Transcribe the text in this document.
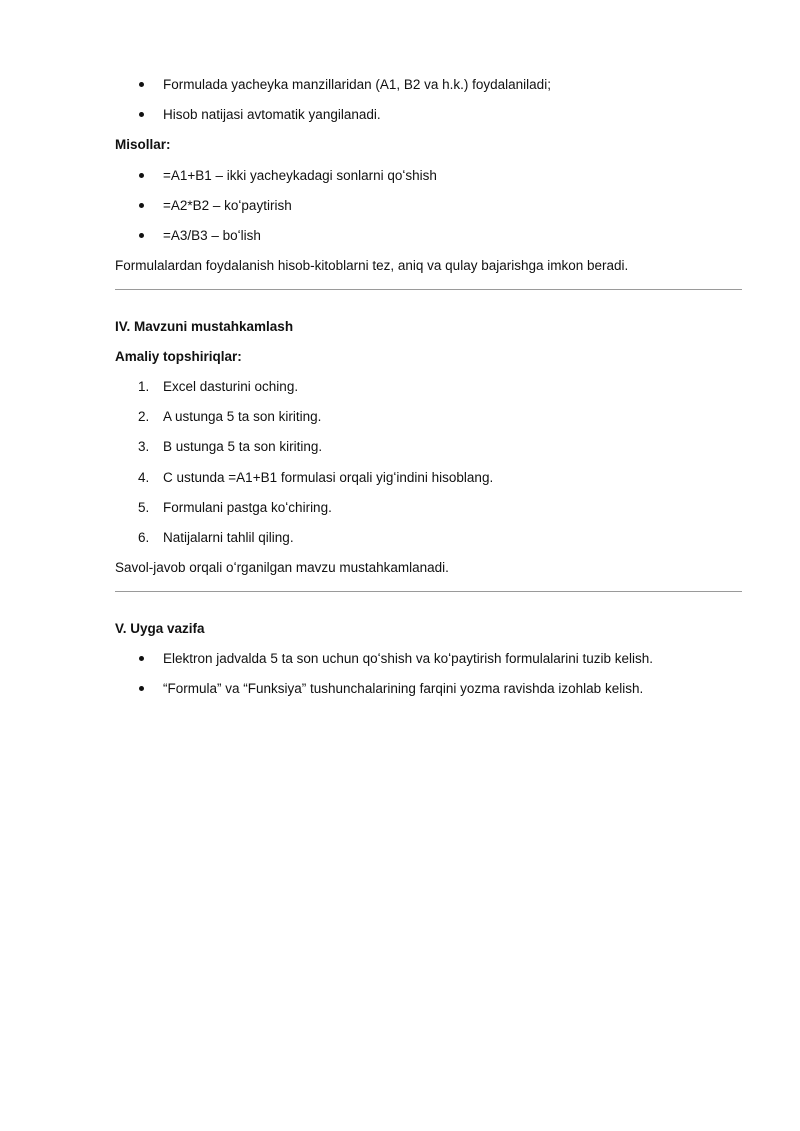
Formulada yacheyka manzillaridan (A1, B2 va h.k.) foydalaniladi;
Hisob natijasi avtomatik yangilanadi.
Misollar:
=A1+B1 – ikki yacheykadagi sonlarni qoʻshish
=A2*B2 – koʻpaytirish
=A3/B3 – boʻlish
Formulalardan foydalanish hisob-kitoblarni tez, aniq va qulay bajarishga imkon beradi.
IV. Mavzuni mustahkamlash
Amaliy topshiriqlar:
1. Excel dasturini oching.
2. A ustunga 5 ta son kiriting.
3. B ustunga 5 ta son kiriting.
4. C ustunda =A1+B1 formulasi orqali yigʻindini hisoblang.
5. Formulani pastga koʻchiring.
6. Natijalarni tahlil qiling.
Savol-javob orqali oʻrganilgan mavzu mustahkamlanadi.
V. Uyga vazifa
Elektron jadvalda 5 ta son uchun qoʻshish va koʻpaytirish formulalarini tuzib kelish.
“Formula” va “Funksiya” tushunchalarining farqini yozma ravishda izohlab kelish.
